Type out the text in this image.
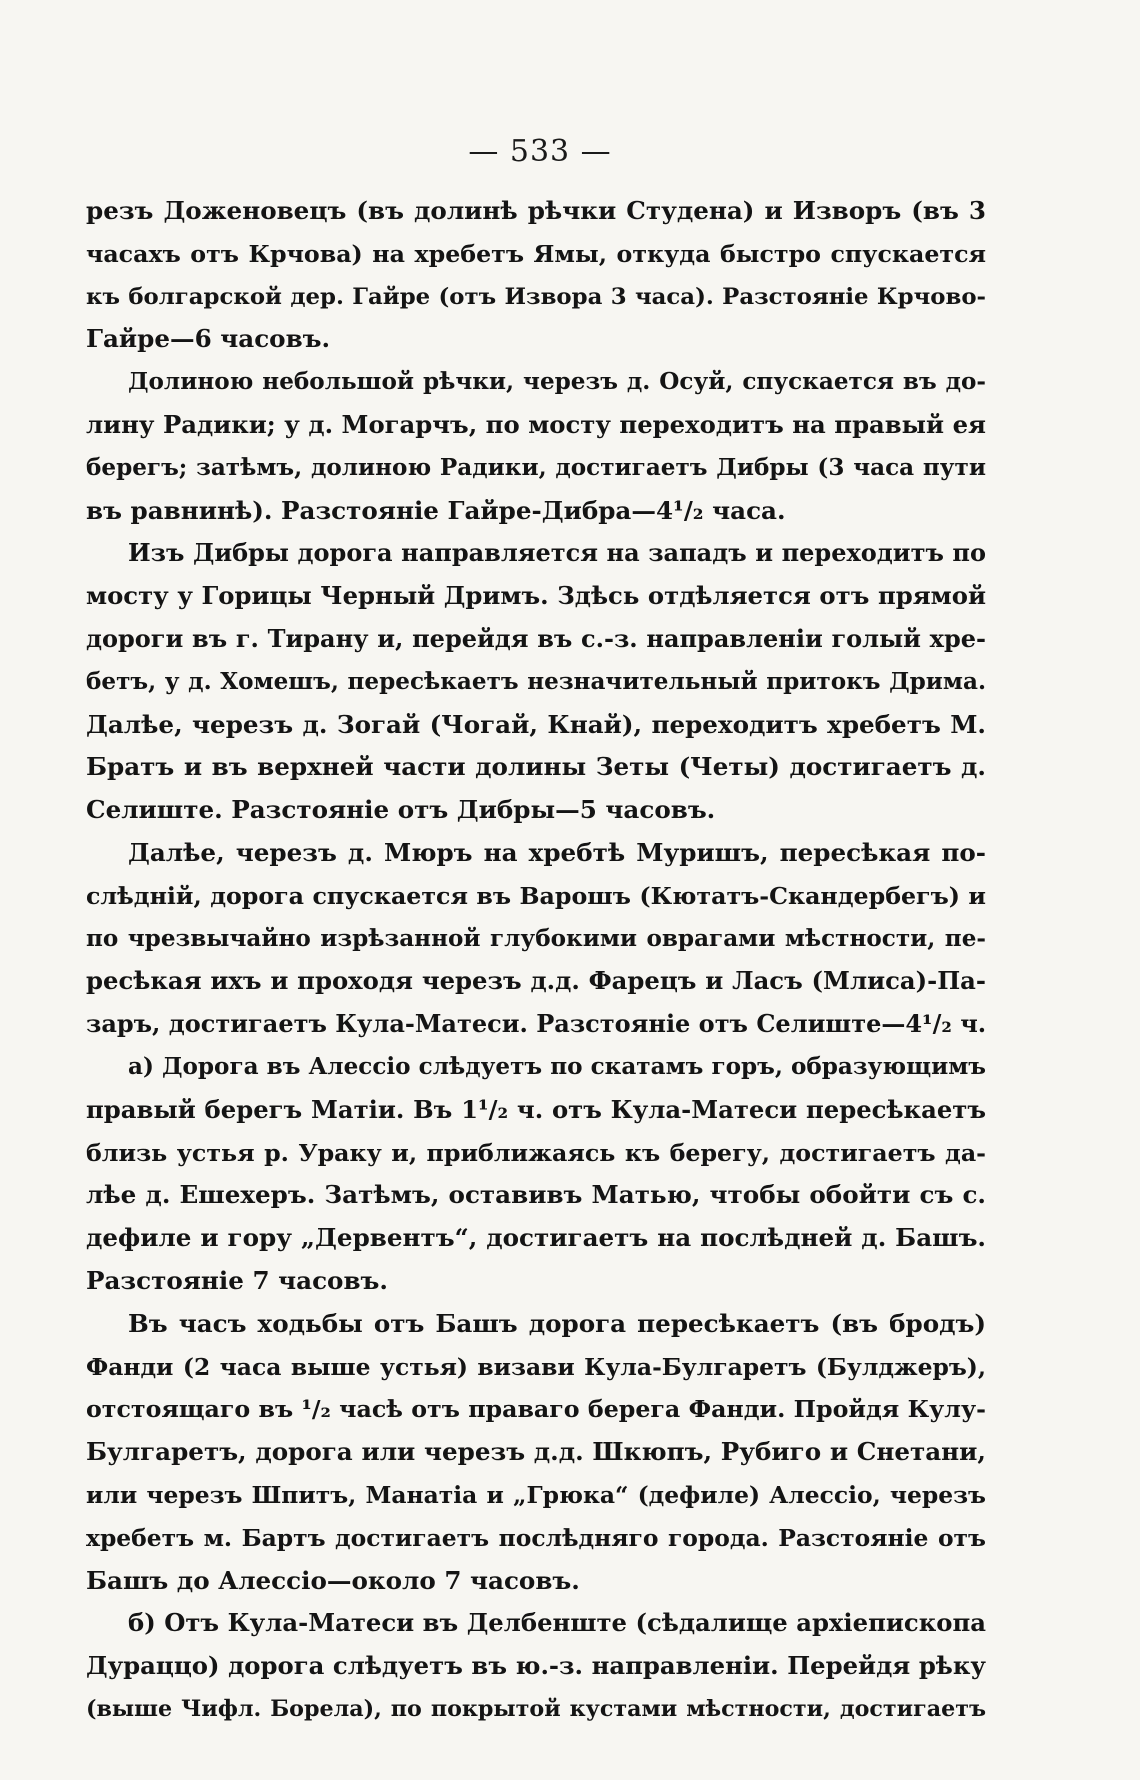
— 533 —
резъ Доженовецъ (въ долинѣ рѣчки Студена) и Изворъ (въ 3
часахъ отъ Крчова) на хребетъ Ямы, откуда быстро спускается
къ болгарской дер. Гайре (отъ Извора 3 часа). Разстояніе Крчово-
Гайре—6 часовъ.
Долиною небольшой рѣчки, черезъ д. Осуй, спускается въ до-
лину Радики; у д. Могарчъ, по мосту переходитъ на правый ея
берегъ; затѣмъ, долиною Радики, достигаетъ Дибры (3 часа пути
въ равнинѣ). Разстояніе Гайре-Дибра—4¹/₂ часа.
Изъ Дибры дорога направляется на западъ и переходитъ по
мосту у Горицы Черный Дримъ. Здѣсь отдѣляется отъ прямой
дороги въ г. Тирану и, перейдя въ с.-з. направленіи голый хре-
бетъ, у д. Хомешъ, пересѣкаетъ незначительный притокъ Дрима.
Далѣе, черезъ д. Зогай (Чогай, Кнай), переходитъ хребетъ М.
Братъ и въ верхней части долины Зеты (Четы) достигаетъ д.
Селиште. Разстояніе отъ Дибры—5 часовъ.
Далѣе, черезъ д. Мюръ на хребтѣ Муришъ, пересѣкая по-
слѣдній, дорога спускается въ Варошъ (Кютатъ-Скандербегъ) и
по чрезвычайно изрѣзанной глубокими оврагами мѣстности, пе-
ресѣкая ихъ и проходя черезъ д.д. Фарецъ и Ласъ (Млиса)-Па-
заръ, достигаетъ Кула-Матеси. Разстояніе отъ Селиште—4¹/₂ ч.
а) Дорога въ Алессіо слѣдуетъ по скатамъ горъ, образующимъ
правый берегъ Матіи. Въ 1¹/₂ ч. отъ Кула-Матеси пересѣкаетъ
близь устья р. Ураку и, приближаясь къ берегу, достигаетъ да-
лѣе д. Ешехеръ. Затѣмъ, оставивъ Матью, чтобы обойти съ с.
дефиле и гору „Дервентъ“, достигаетъ на послѣдней д. Башъ.
Разстояніе 7 часовъ.
Въ часъ ходьбы отъ Башъ дорога пересѣкаетъ (въ бродъ)
Фанди (2 часа выше устья) визави Кула-Булгаретъ (Булджеръ),
отстоящаго въ ¹/₂ часѣ отъ праваго берега Фанди. Пройдя Кулу-
Булгаретъ, дорога или черезъ д.д. Шкюпъ, Рубиго и Снетани,
или черезъ Шпитъ, Манатіа и „Грюка“ (дефиле) Алессіо, черезъ
хребетъ м. Бартъ достигаетъ послѣдняго города. Разстояніе отъ
Башъ до Алессіо—около 7 часовъ.
б) Отъ Кула-Матеси въ Делбенште (сѣдалище архіепископа
Дураццо) дорога слѣдуетъ въ ю.-з. направленіи. Перейдя рѣку
(выше Чифл. Борела), по покрытой кустами мѣстности, достигаетъ
